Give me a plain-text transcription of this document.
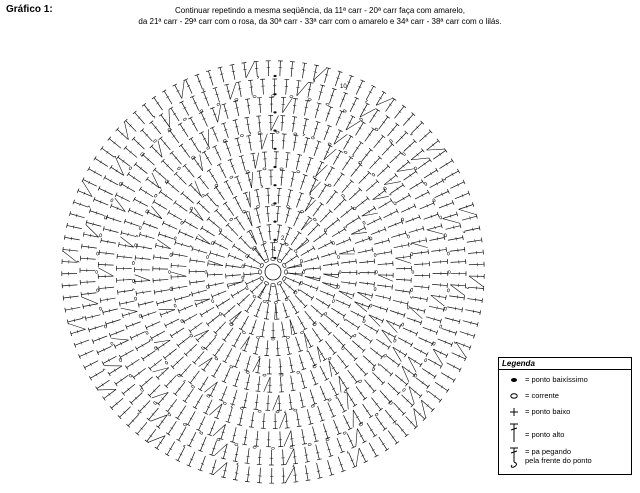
Gráfico 1:	Continuar repetindo a mesma seqüência, da 11ª carr - 20ª carr faça com amarelo,
da 21ª carr - 29ª carr com o rosa, da 30ª carr - 33ª carr com o amarelo e 34ª carr - 38ª carr com o lilás.
1
2
10
Legenda
= ponto baixíssimo
= corrente
= ponto baixo
= ponto alto
= pa pegando
pela frente do ponto
